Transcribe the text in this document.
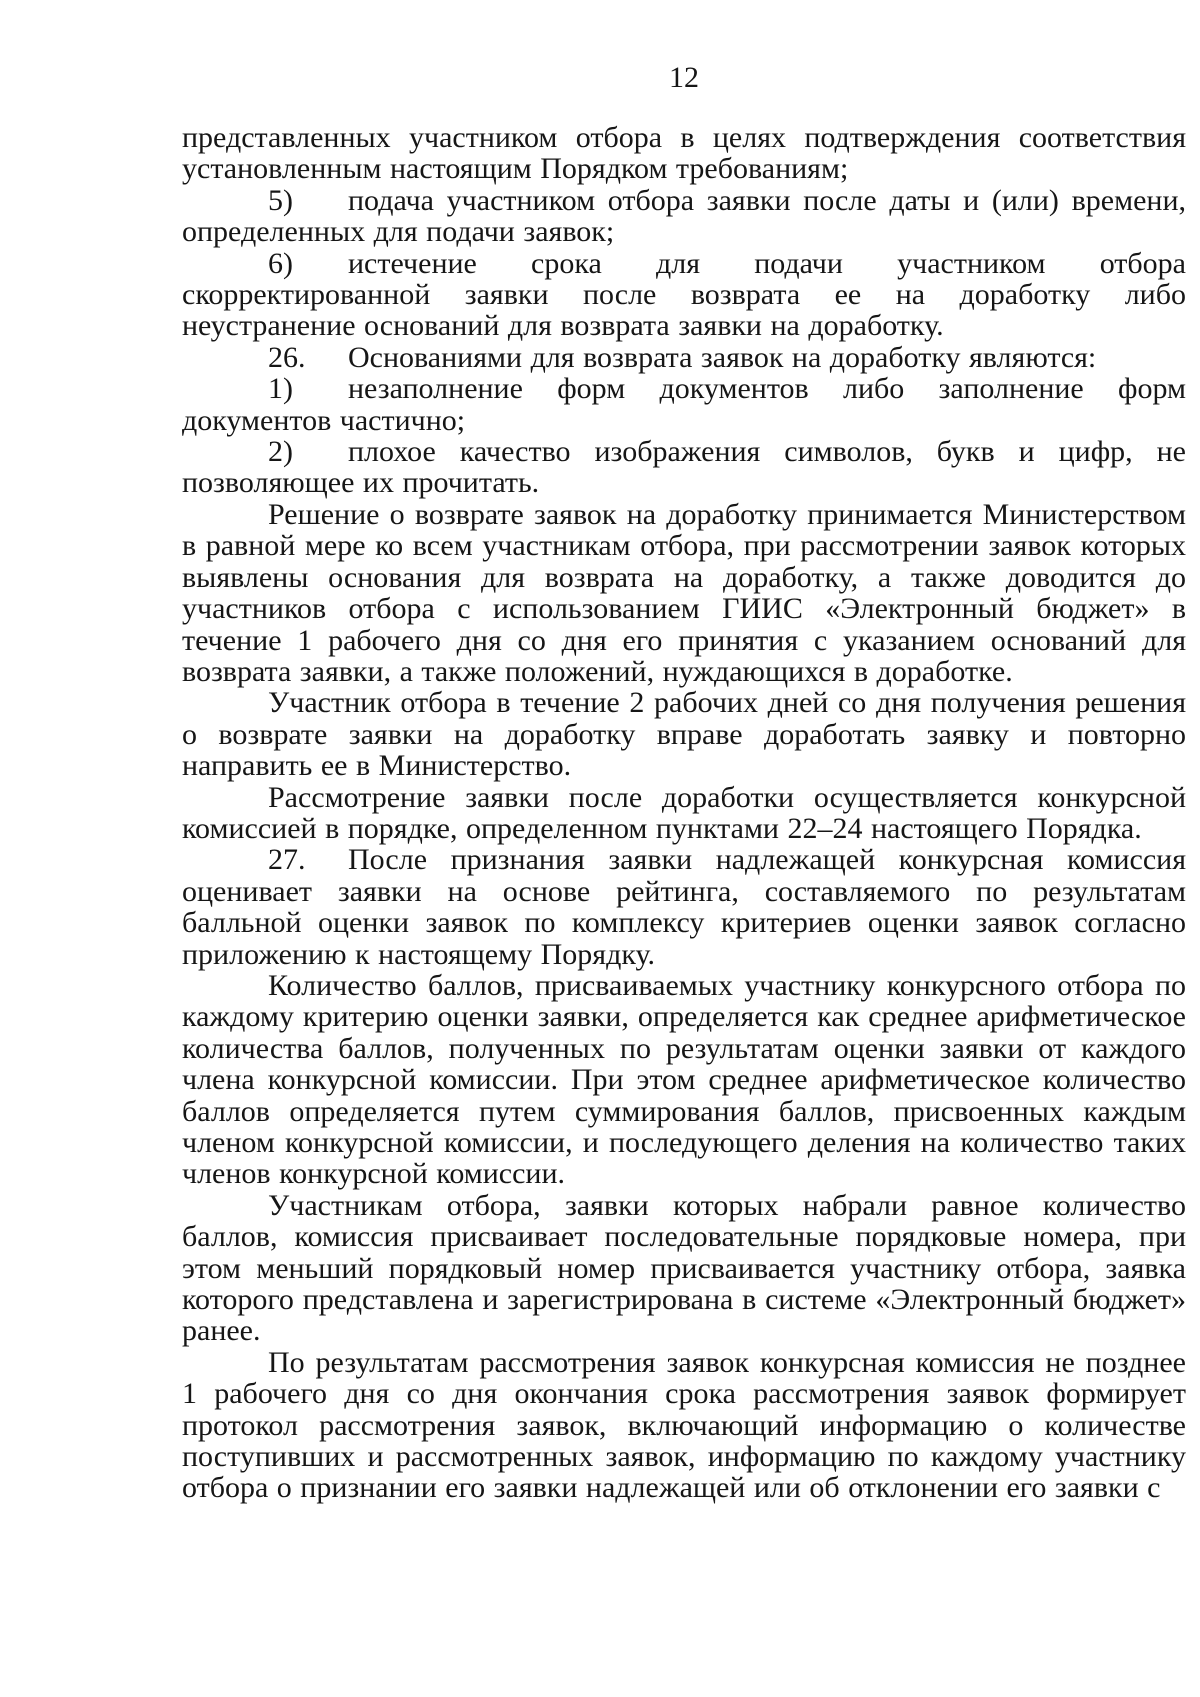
12

представленных участником отбора в целях подтверждения соответствия установленным настоящим Порядком требованиям;

5) подача участником отбора заявки после даты и (или) времени, определенных для подачи заявок;

6) истечение срока для подачи участником отбора скорректированной заявки после возврата ее на доработку либо неустранение оснований для возврата заявки на доработку.

26. Основаниями для возврата заявок на доработку являются:

1) незаполнение форм документов либо заполнение форм документов частично;

2) плохое качество изображения символов, букв и цифр, не позволяющее их прочитать.

Решение о возврате заявок на доработку принимается Министерством в равной мере ко всем участникам отбора, при рассмотрении заявок которых выявлены основания для возврата на доработку, а также доводится до участников отбора с использованием ГИИС «Электронный бюджет» в течение 1 рабочего дня со дня его принятия с указанием оснований для возврата заявки, а также положений, нуждающихся в доработке.

Участник отбора в течение 2 рабочих дней со дня получения решения о возврате заявки на доработку вправе доработать заявку и повторно направить ее в Министерство.

Рассмотрение заявки после доработки осуществляется конкурсной комиссией в порядке, определенном пунктами 22–24 настоящего Порядка.

27. После признания заявки надлежащей конкурсная комиссия оценивает заявки на основе рейтинга, составляемого по результатам балльной оценки заявок по комплексу критериев оценки заявок согласно приложению к настоящему Порядку.

Количество баллов, присваиваемых участнику конкурсного отбора по каждому критерию оценки заявки, определяется как среднее арифметическое количества баллов, полученных по результатам оценки заявки от каждого члена конкурсной комиссии. При этом среднее арифметическое количество баллов определяется путем суммирования баллов, присвоенных каждым членом конкурсной комиссии, и последующего деления на количество таких членов конкурсной комиссии.

Участникам отбора, заявки которых набрали равное количество баллов, комиссия присваивает последовательные порядковые номера, при этом меньший порядковый номер присваивается участнику отбора, заявка которого представлена и зарегистрирована в системе «Электронный бюджет» ранее.

По результатам рассмотрения заявок конкурсная комиссия не позднее 1 рабочего дня со дня окончания срока рассмотрения заявок формирует протокол рассмотрения заявок, включающий информацию о количестве поступивших и рассмотренных заявок, информацию по каждому участнику отбора о признании его заявки надлежащей или об отклонении его заявки с
